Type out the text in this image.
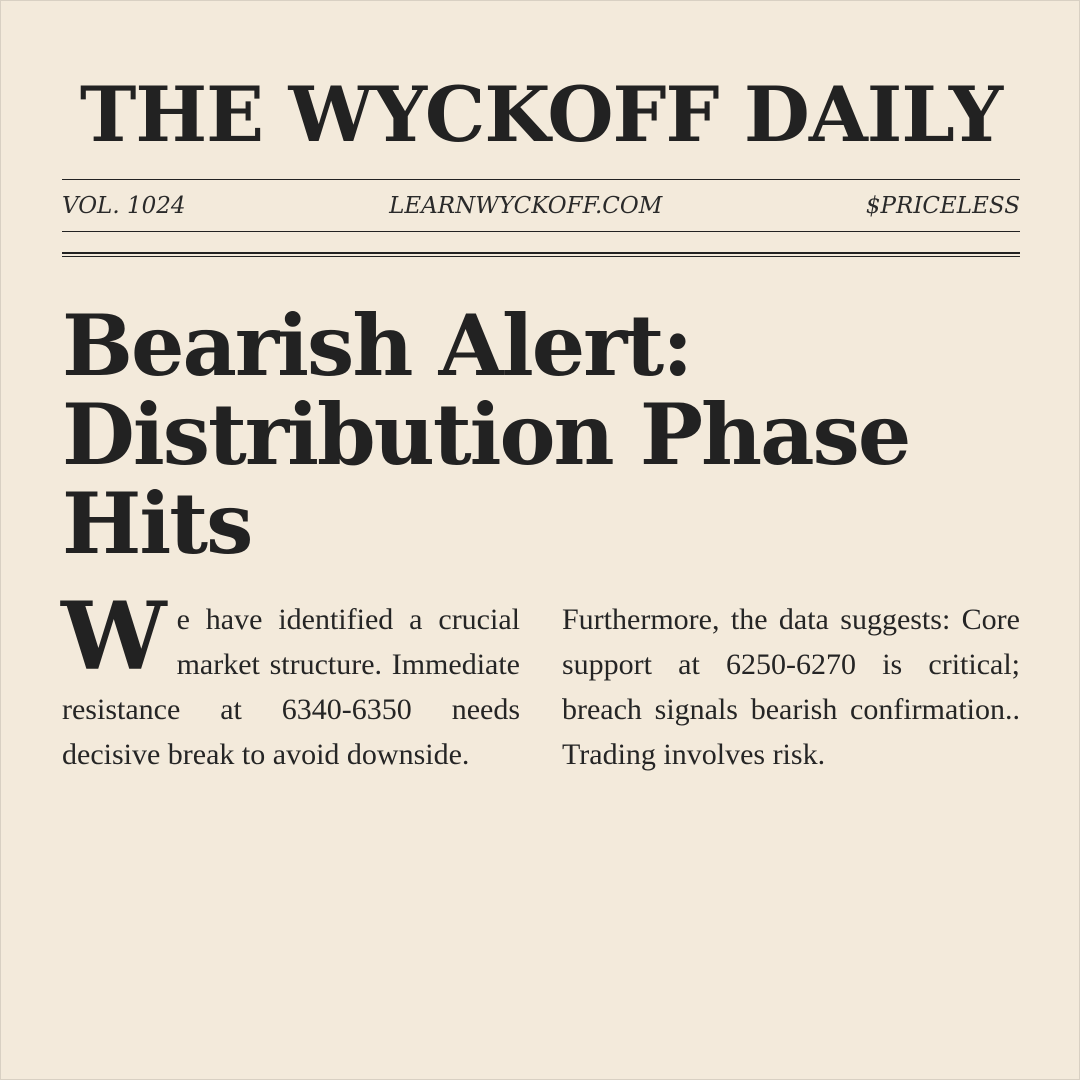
THE WYCKOFF DAILY
VOL. 1024	LEARNWYCKOFF.COM	$PRICELESS
Bearish Alert: Distribution Phase Hits
W e have identified a crucial market structure. Immediate resistance at 6340-6350 needs decisive break to avoid downside.

Furthermore, the data suggests: Core support at 6250-6270 is critical; breach signals bearish confirmation.. Trading involves risk.
